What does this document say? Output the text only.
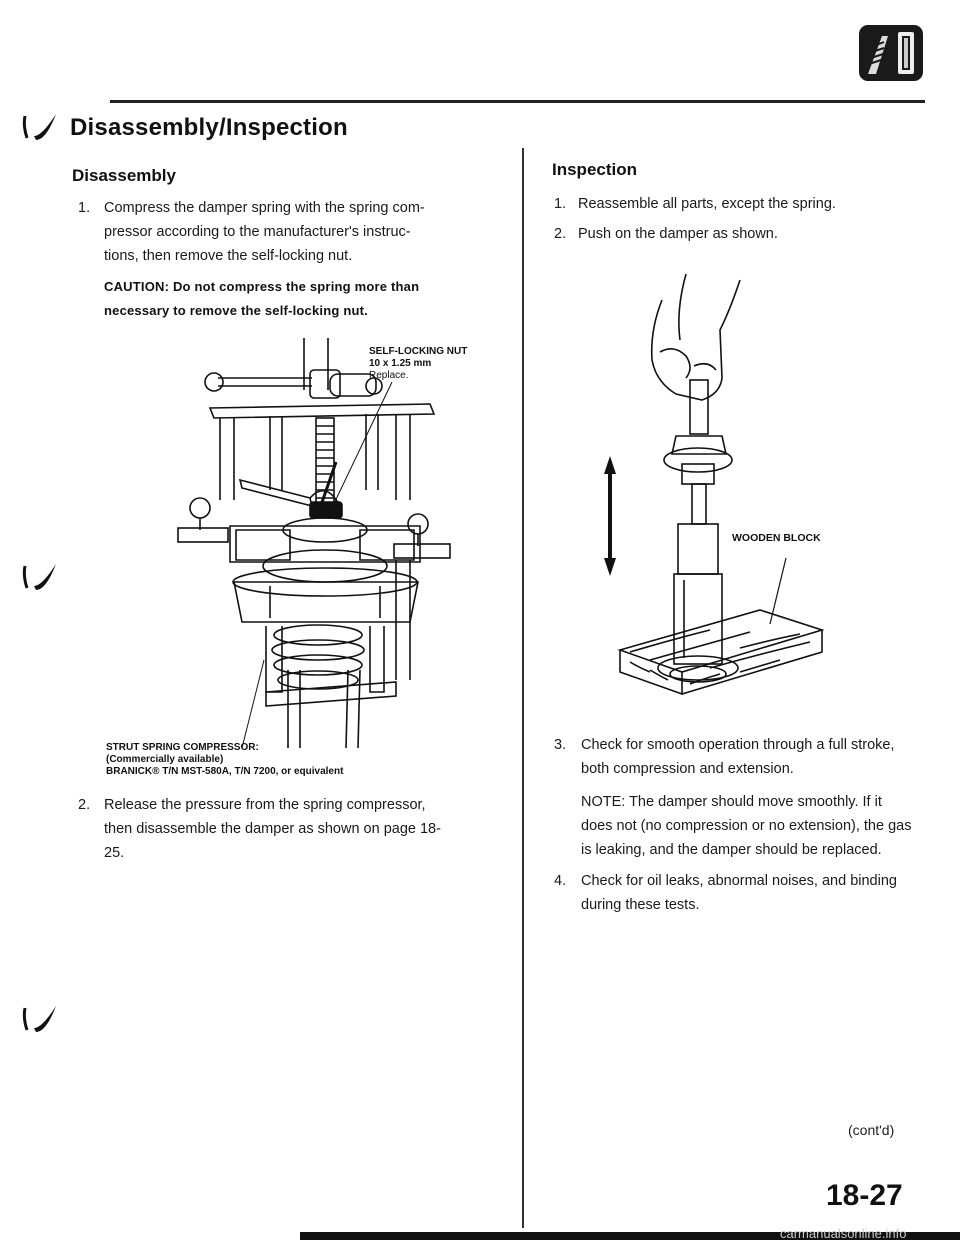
Disassembly/Inspection
Disassembly
1. Compress the damper spring with the spring com-
pressor according to the manufacturer's instruc-
tions, then remove the self-locking nut.
CAUTION: Do not compress the spring more than
necessary to remove the self-locking nut.
SELF-LOCKING NUT
10 x 1.25 mm
Replace.
STRUT SPRING COMPRESSOR:
(Commercially available)
BRANICK® T/N MST-580A, T/N 7200, or equivalent
2. Release the pressure from the spring compressor,
then disassemble the damper as shown on page 18-
25.
Inspection
1. Reassemble all parts, except the spring.
2. Push on the damper as shown.
WOODEN BLOCK
3. Check for smooth operation through a full stroke,
both compression and extension.
NOTE: The damper should move smoothly. If it
does not (no compression or no extension), the gas
is leaking, and the damper should be replaced.
4. Check for oil leaks, abnormal noises, and binding
during these tests.
(cont'd)
18-27
carmanualsonline.info
